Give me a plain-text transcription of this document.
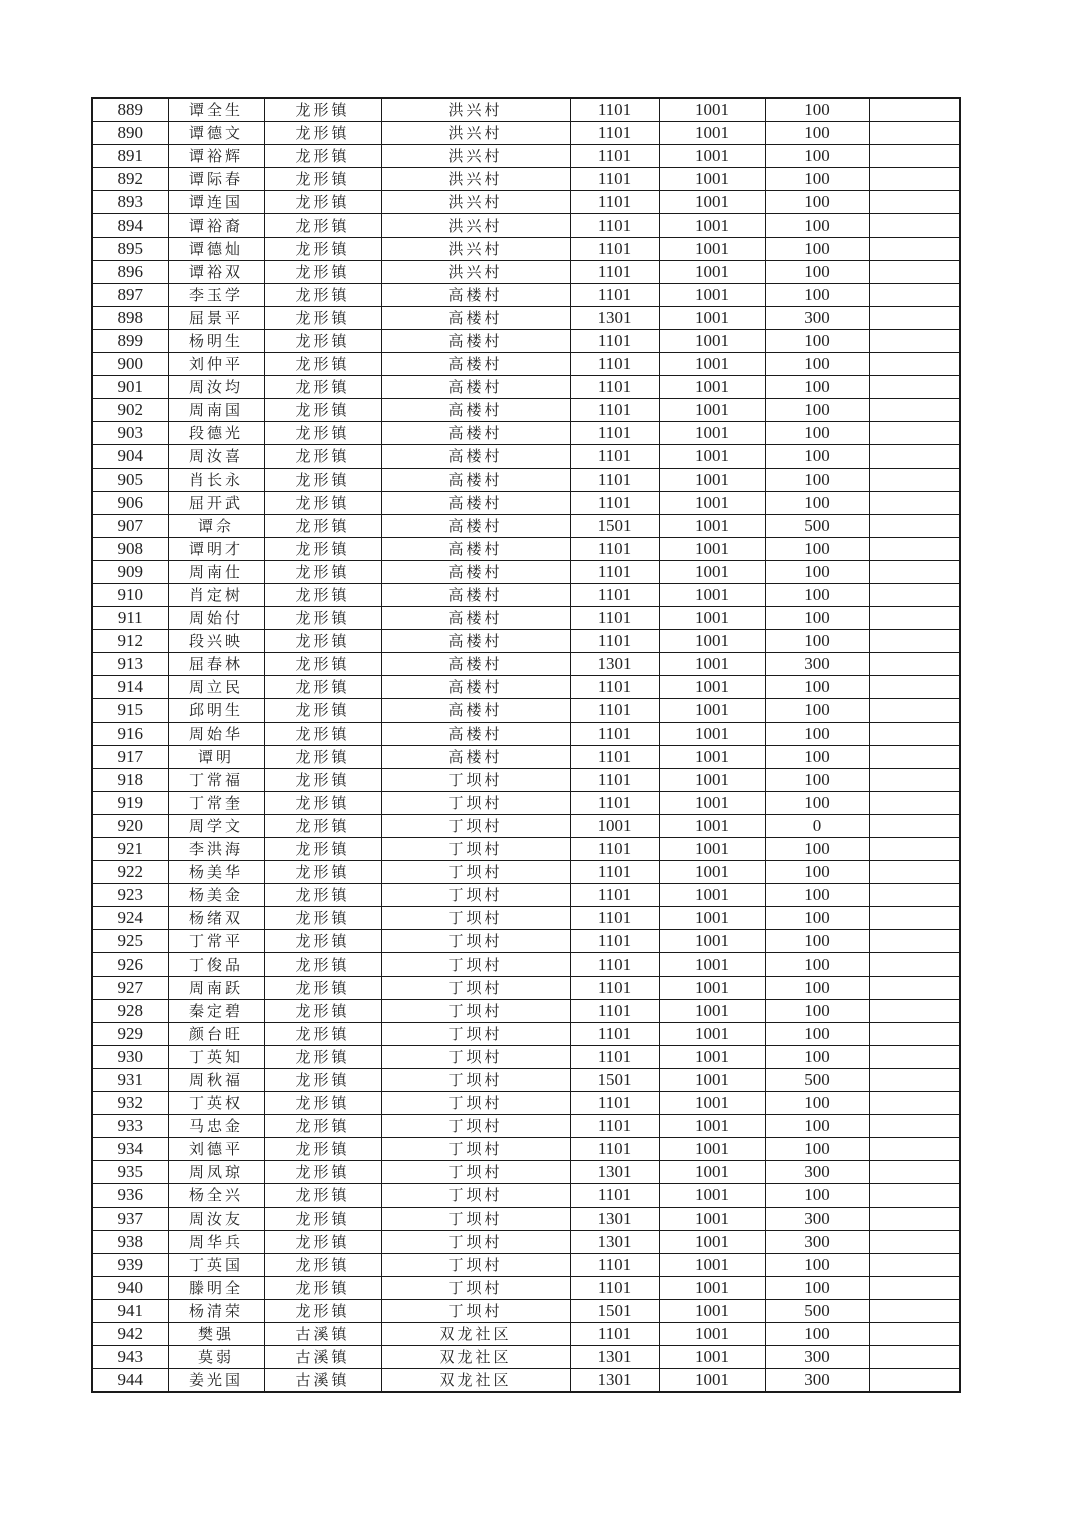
889	谭全生	龙形镇	洪兴村	1101	1001	100	
890	谭德文	龙形镇	洪兴村	1101	1001	100	
891	谭裕辉	龙形镇	洪兴村	1101	1001	100	
892	谭际春	龙形镇	洪兴村	1101	1001	100	
893	谭连国	龙形镇	洪兴村	1101	1001	100	
894	谭裕裔	龙形镇	洪兴村	1101	1001	100	
895	谭德灿	龙形镇	洪兴村	1101	1001	100	
896	谭裕双	龙形镇	洪兴村	1101	1001	100	
897	李玉学	龙形镇	高楼村	1101	1001	100	
898	屈景平	龙形镇	高楼村	1301	1001	300	
899	杨明生	龙形镇	高楼村	1101	1001	100	
900	刘仲平	龙形镇	高楼村	1101	1001	100	
901	周汝均	龙形镇	高楼村	1101	1001	100	
902	周南国	龙形镇	高楼村	1101	1001	100	
903	段德光	龙形镇	高楼村	1101	1001	100	
904	周汝喜	龙形镇	高楼村	1101	1001	100	
905	肖长永	龙形镇	高楼村	1101	1001	100	
906	屈开武	龙形镇	高楼村	1101	1001	100	
907	谭佘	龙形镇	高楼村	1501	1001	500	
908	谭明才	龙形镇	高楼村	1101	1001	100	
909	周南仕	龙形镇	高楼村	1101	1001	100	
910	肖定树	龙形镇	高楼村	1101	1001	100	
911	周始付	龙形镇	高楼村	1101	1001	100	
912	段兴映	龙形镇	高楼村	1101	1001	100	
913	屈春林	龙形镇	高楼村	1301	1001	300	
914	周立民	龙形镇	高楼村	1101	1001	100	
915	邱明生	龙形镇	高楼村	1101	1001	100	
916	周始华	龙形镇	高楼村	1101	1001	100	
917	谭明	龙形镇	高楼村	1101	1001	100	
918	丁常福	龙形镇	丁坝村	1101	1001	100	
919	丁常奎	龙形镇	丁坝村	1101	1001	100	
920	周学文	龙形镇	丁坝村	1001	1001	0	
921	李洪海	龙形镇	丁坝村	1101	1001	100	
922	杨美华	龙形镇	丁坝村	1101	1001	100	
923	杨美金	龙形镇	丁坝村	1101	1001	100	
924	杨绪双	龙形镇	丁坝村	1101	1001	100	
925	丁常平	龙形镇	丁坝村	1101	1001	100	
926	丁俊品	龙形镇	丁坝村	1101	1001	100	
927	周南跃	龙形镇	丁坝村	1101	1001	100	
928	秦定碧	龙形镇	丁坝村	1101	1001	100	
929	颜台旺	龙形镇	丁坝村	1101	1001	100	
930	丁英知	龙形镇	丁坝村	1101	1001	100	
931	周秋福	龙形镇	丁坝村	1501	1001	500	
932	丁英权	龙形镇	丁坝村	1101	1001	100	
933	马忠金	龙形镇	丁坝村	1101	1001	100	
934	刘德平	龙形镇	丁坝村	1101	1001	100	
935	周凤琼	龙形镇	丁坝村	1301	1001	300	
936	杨全兴	龙形镇	丁坝村	1101	1001	100	
937	周汝友	龙形镇	丁坝村	1301	1001	300	
938	周华兵	龙形镇	丁坝村	1301	1001	300	
939	丁英国	龙形镇	丁坝村	1101	1001	100	
940	滕明全	龙形镇	丁坝村	1101	1001	100	
941	杨清荣	龙形镇	丁坝村	1501	1001	500	
942	樊强	古溪镇	双龙社区	1101	1001	100	
943	莫弱	古溪镇	双龙社区	1301	1001	300	
944	姜光国	古溪镇	双龙社区	1301	1001	300	
